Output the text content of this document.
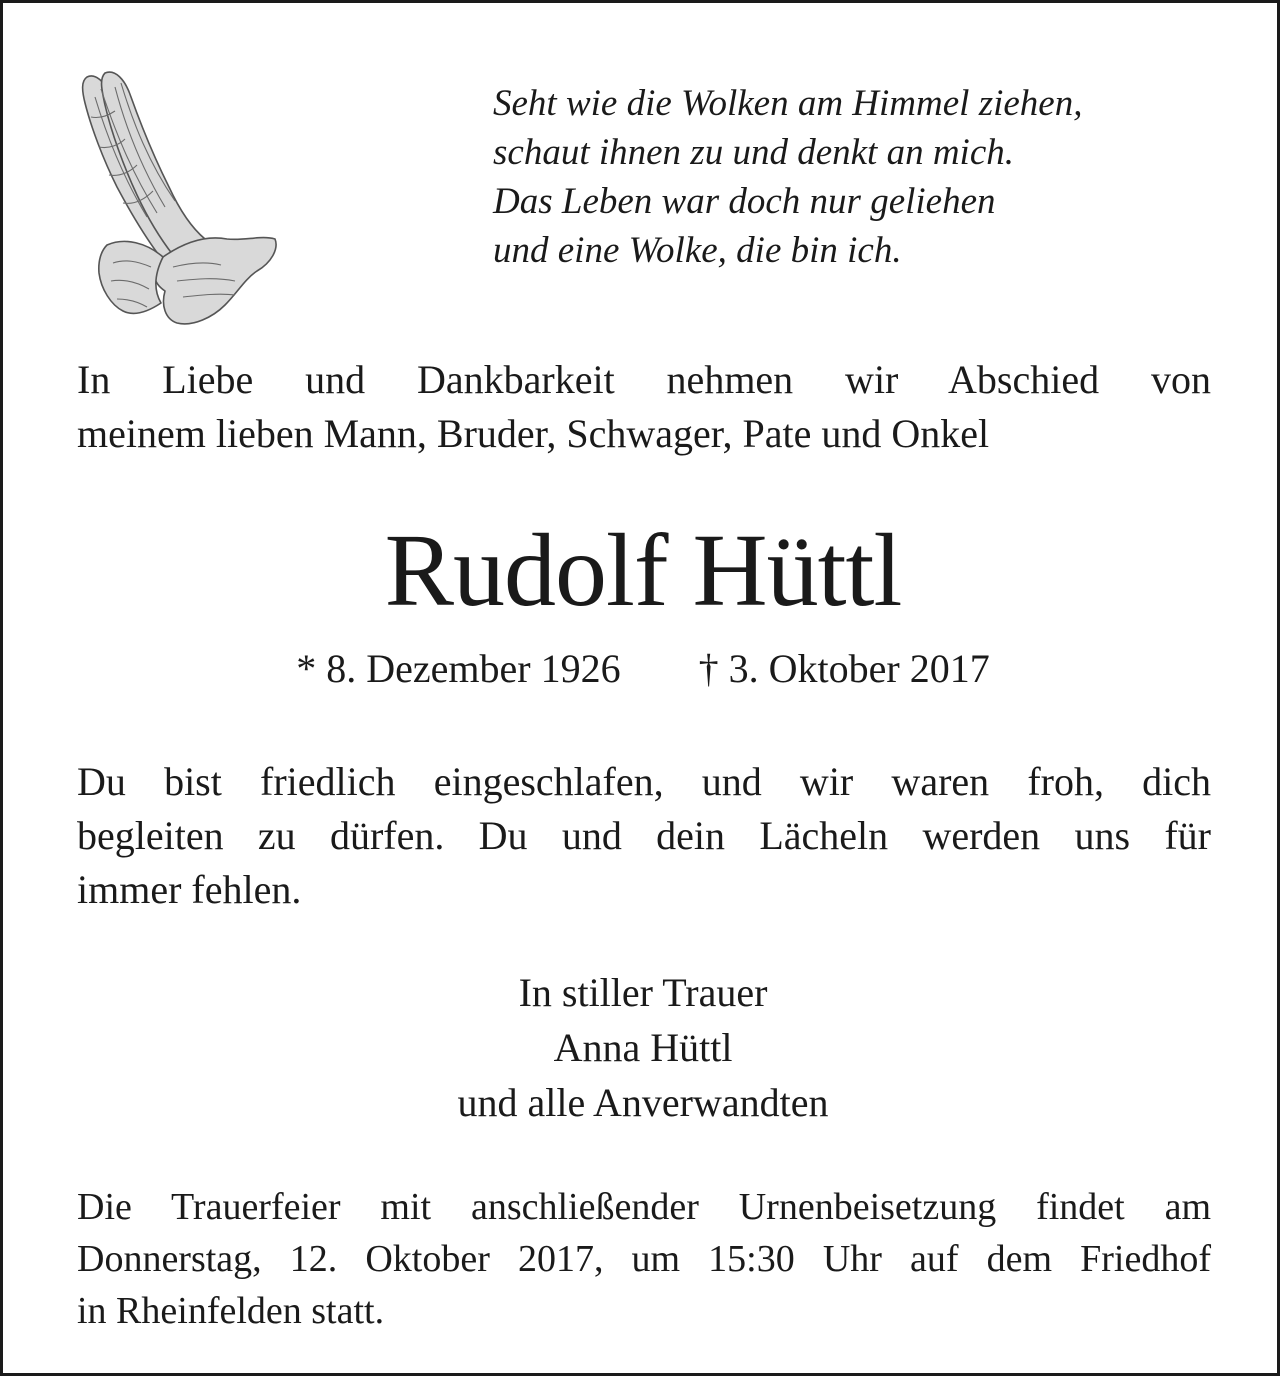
Seht wie die Wolken am Himmel ziehen,
schaut ihnen zu und denkt an mich.
Das Leben war doch nur geliehen
und eine Wolke, die bin ich.
In Liebe und Dankbarkeit nehmen wir Abschied von
meinem lieben Mann, Bruder, Schwager, Pate und Onkel
Rudolf Hüttl
* 8. Dezember 1926 † 3. Oktober 2017
Du bist friedlich eingeschlafen, und wir waren froh, dich
begleiten zu dürfen. Du und dein Lächeln werden uns für
immer fehlen.
In stiller Trauer
Anna Hüttl
und alle Anverwandten
Die Trauerfeier mit anschließender Urnenbeisetzung findet am
Donnerstag, 12. Oktober 2017, um 15:30 Uhr auf dem Friedhof
in Rheinfelden statt.
